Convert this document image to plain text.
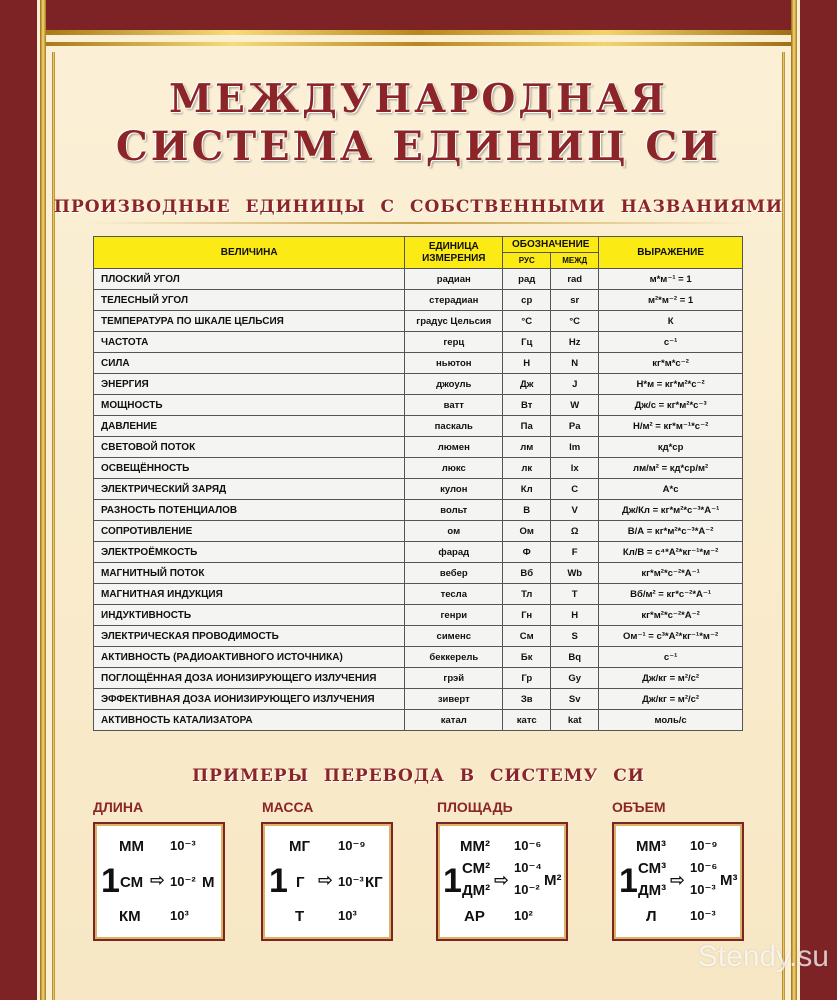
МЕЖДУНАРОДНАЯ
СИСТЕМА ЕДИНИЦ СИ
ПРОИЗВОДНЫЕ ЕДИНИЦЫ С СОБСТВЕННЫМИ НАЗВАНИЯМИ
ВЕЛИЧИНА	ЕДИНИЦА ИЗМЕРЕНИЯ	ОБОЗНАЧЕНИЕ		ВЫРАЖЕНИЕ
		РУС	МЕЖД	
ПЛОСКИЙ УГОЛ	радиан	рад	rad	м*м⁻¹ = 1
ТЕЛЕСНЫЙ УГОЛ	стерадиан	ср	sr	м²*м⁻² = 1
ТЕМПЕРАТУРА ПО ШКАЛЕ ЦЕЛЬСИЯ	градус Цельсия	°С	°C	К
ЧАСТОТА	герц	Гц	Hz	с⁻¹
СИЛА	ньютон	Н	N	кг*м*с⁻²
ЭНЕРГИЯ	джоуль	Дж	J	Н*м = кг*м²*с⁻²
МОЩНОСТЬ	ватт	Вт	W	Дж/с = кг*м²*с⁻³
ДАВЛЕНИЕ	паскаль	Па	Pa	Н/м² = кг*м⁻¹*с⁻²
СВЕТОВОЙ ПОТОК	люмен	лм	lm	кд*ср
ОСВЕЩЁННОСТЬ	люкс	лк	lx	лм/м² = кд*ср/м²
ЭЛЕКТРИЧЕСКИЙ ЗАРЯД	кулон	Кл	C	А*с
РАЗНОСТЬ ПОТЕНЦИАЛОВ	вольт	В	V	Дж/Кл = кг*м²*с⁻³*А⁻¹
СОПРОТИВЛЕНИЕ	ом	Ом	Ω	В/А = кг*м²*с⁻³*А⁻²
ЭЛЕКТРОЁМКОСТЬ	фарад	Ф	F	Кл/В = с⁴*А²*кг⁻¹*м⁻²
МАГНИТНЫЙ ПОТОК	вебер	Вб	Wb	кг*м²*с⁻²*А⁻¹
МАГНИТНАЯ ИНДУКЦИЯ	тесла	Тл	T	Вб/м² = кг*с⁻²*А⁻¹
ИНДУКТИВНОСТЬ	генри	Гн	H	кг*м²*с⁻²*А⁻²
ЭЛЕКТРИЧЕСКАЯ ПРОВОДИМОСТЬ	сименс	См	S	Ом⁻¹ = с³*А²*кг⁻¹*м⁻²
АКТИВНОСТЬ (РАДИОАКТИВНОГО ИСТОЧНИКА)	беккерель	Бк	Bq	с⁻¹
ПОГЛОЩЁННАЯ ДОЗА ИОНИЗИРУЮЩЕГО ИЗЛУЧЕНИЯ	грэй	Гр	Gy	Дж/кг = м²/с²
ЭФФЕКТИВНАЯ ДОЗА ИОНИЗИРУЮЩЕГО ИЗЛУЧЕНИЯ	зиверт	Зв	Sv	Дж/кг = м²/с²
АКТИВНОСТЬ КАТАЛИЗАТОРА	катал	катс	kat	моль/с
ПРИМЕРЫ ПЕРЕВОДА В СИСТЕМУ СИ
ДЛИНА	МАССА	ПЛОЩАДЬ	ОБЪЕМ
ММ 10⁻³
1 СМ ⇨ 10⁻² М
КМ 10³
МГ 10⁻⁹
1 Г ⇨ 10⁻³ КГ
Т	10³
ММ² 10⁻⁶
1 СМ²
ДМ²
⇨
10⁻⁴
10⁻²
М²
АР 10²
ММ³ 10⁻⁹
1 СМ³
ДМ³
⇨
10⁻⁶
10⁻³
М³
Л	10⁻³
Stendy.su
